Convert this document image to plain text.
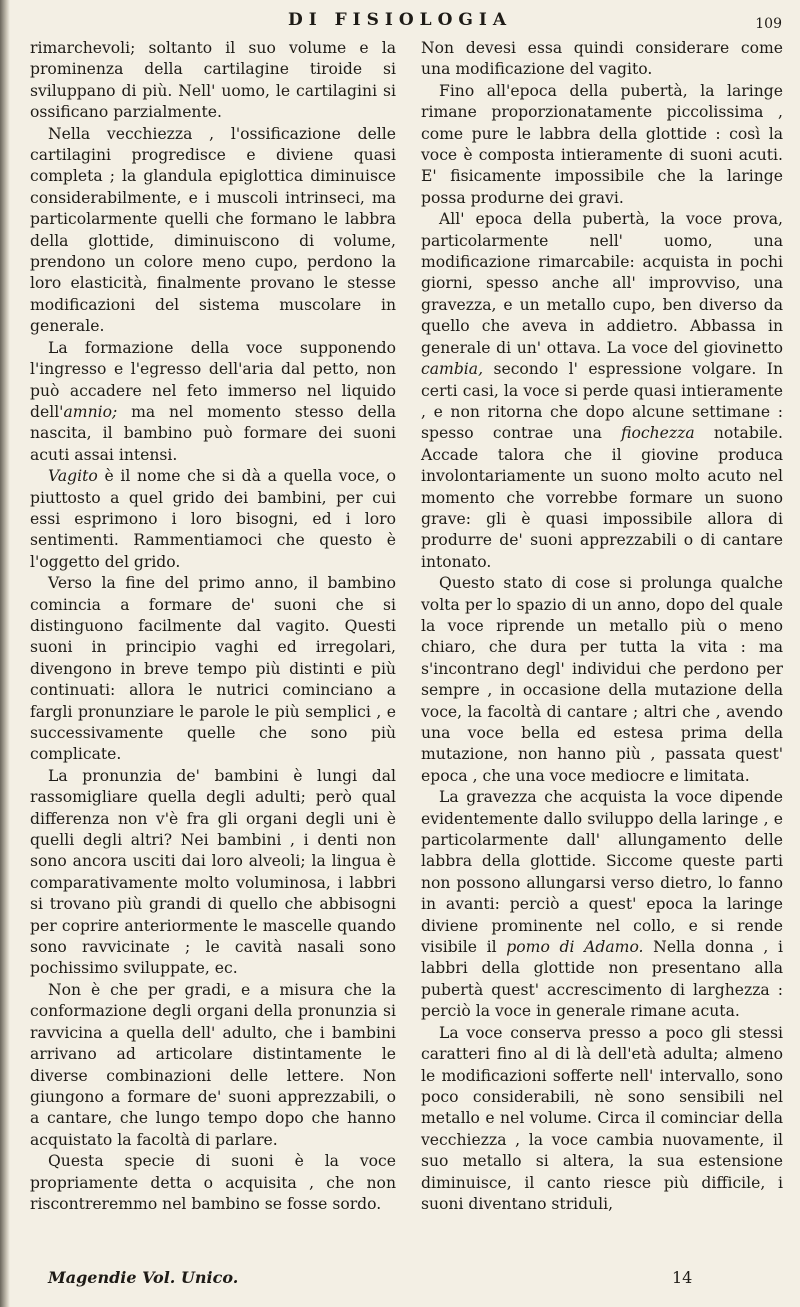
DI FISIOLOGIA	109

rimarchevoli; soltanto il suo volume e la prominenza della cartilagine tiroide si sviluppano di più. Nell' uomo, le cartilagini si ossificano parzialmente.

Nella vecchiezza , l'ossificazione delle cartilagini progredisce e diviene quasi completa ; la glandula epiglottica diminuisce considerabilmente, e i muscoli intrinseci, ma particolarmente quelli che formano le labbra della glottide, diminuiscono di volume, prendono un colore meno cupo, perdono la loro elasticità, finalmente provano le stesse modificazioni del sistema muscolare in generale.

La formazione della voce supponendo l'ingresso e l'egresso dell'aria dal petto, non può accadere nel feto immerso nel liquido dell'amnio; ma nel momento stesso della nascita, il bambino può formare dei suoni acuti assai intensi.

Vagito è il nome che si dà a quella voce, o piuttosto a quel grido dei bambini, per cui essi esprimono i loro bisogni, ed i loro sentimenti. Rammentiamoci che questo è l'oggetto del grido.

Verso la fine del primo anno, il bambino comincia a formare de' suoni che si distinguono facilmente dal vagito. Questi suoni in principio vaghi ed irregolari, divengono in breve tempo più distinti e più continuati: allora le nutrici cominciano a fargli pronunziare le parole le più semplici , e successivamente quelle che sono più complicate.

La pronunzia de' bambini è lungi dal rassomigliare quella degli adulti; però qual differenza non v'è fra gli organi degli uni è quelli degli altri? Nei bambini , i denti non sono ancora usciti dai loro alveoli; la lingua è comparativamente molto voluminosa, i labbri si trovano più grandi di quello che abbisogni per coprire anteriormente le mascelle quando sono ravvicinate ; le cavità nasali sono pochissimo sviluppate, ec.

Non è che per gradi, e a misura che la conformazione degli organi della pronunzia si ravvicina a quella dell' adulto, che i bambini arrivano ad articolare distintamente le diverse combinazioni delle lettere. Non giungono a formare de' suoni apprezzabili, o a cantare, che lungo tempo dopo che hanno acquistato la facoltà di parlare.

Questa specie di suoni è la voce propriamente detta o acquisita , che non riscontreremmo nel bambino se fosse sordo.

Non devesi essa quindi considerare come una modificazione del vagito.

Fino all'epoca della pubertà, la laringe rimane proporzionatamente piccolissima , come pure le labbra della glottide : così la voce è composta intieramente di suoni acuti. E' fisicamente impossibile che la laringe possa produrne dei gravi.

All' epoca della pubertà, la voce prova, particolarmente nell' uomo, una modificazione rimarcabile: acquista in pochi giorni, spesso anche all' improvviso, una gravezza, e un metallo cupo, ben diverso da quello che aveva in addietro. Abbassa in generale di un' ottava. La voce del giovinetto cambia, secondo l' espressione volgare. In certi casi, la voce si perde quasi intieramente , e non ritorna che dopo alcune settimane : spesso contrae una fiochezza notabile. Accade talora che il giovine produca involontariamente un suono molto acuto nel momento che vorrebbe formare un suono grave: gli è quasi impossibile allora di produrre de' suoni apprezzabili o di cantare intonato.

Questo stato di cose si prolunga qualche volta per lo spazio di un anno, dopo del quale la voce riprende un metallo più o meno chiaro, che dura per tutta la vita : ma s'incontrano degl' individui che perdono per sempre , in occasione della mutazione della voce, la facoltà di cantare ; altri che , avendo una voce bella ed estesa prima della mutazione, non hanno più , passata quest' epoca , che una voce mediocre e limitata.

La gravezza che acquista la voce dipende evidentemente dallo sviluppo della laringe , e particolarmente dall' allungamento delle labbra della glottide. Siccome queste parti non possono allungarsi verso dietro, lo fanno in avanti: perciò a quest' epoca la laringe diviene prominente nel collo, e si rende visibile il pomo di Adamo. Nella donna , i labbri della glottide non presentano alla pubertà quest' accrescimento di larghezza : perciò la voce in generale rimane acuta.

La voce conserva presso a poco gli stessi caratteri fino al di là dell'età adulta; almeno le modificazioni sofferte nell' intervallo, sono poco considerabili, nè sono sensibili nel metallo e nel volume. Circa il cominciar della vecchiezza , la voce cambia nuovamente, il suo metallo si altera, la sua estensione diminuisce, il canto riesce più difficile, i suoni diventano striduli,

Magendie Vol. Unico.	14
